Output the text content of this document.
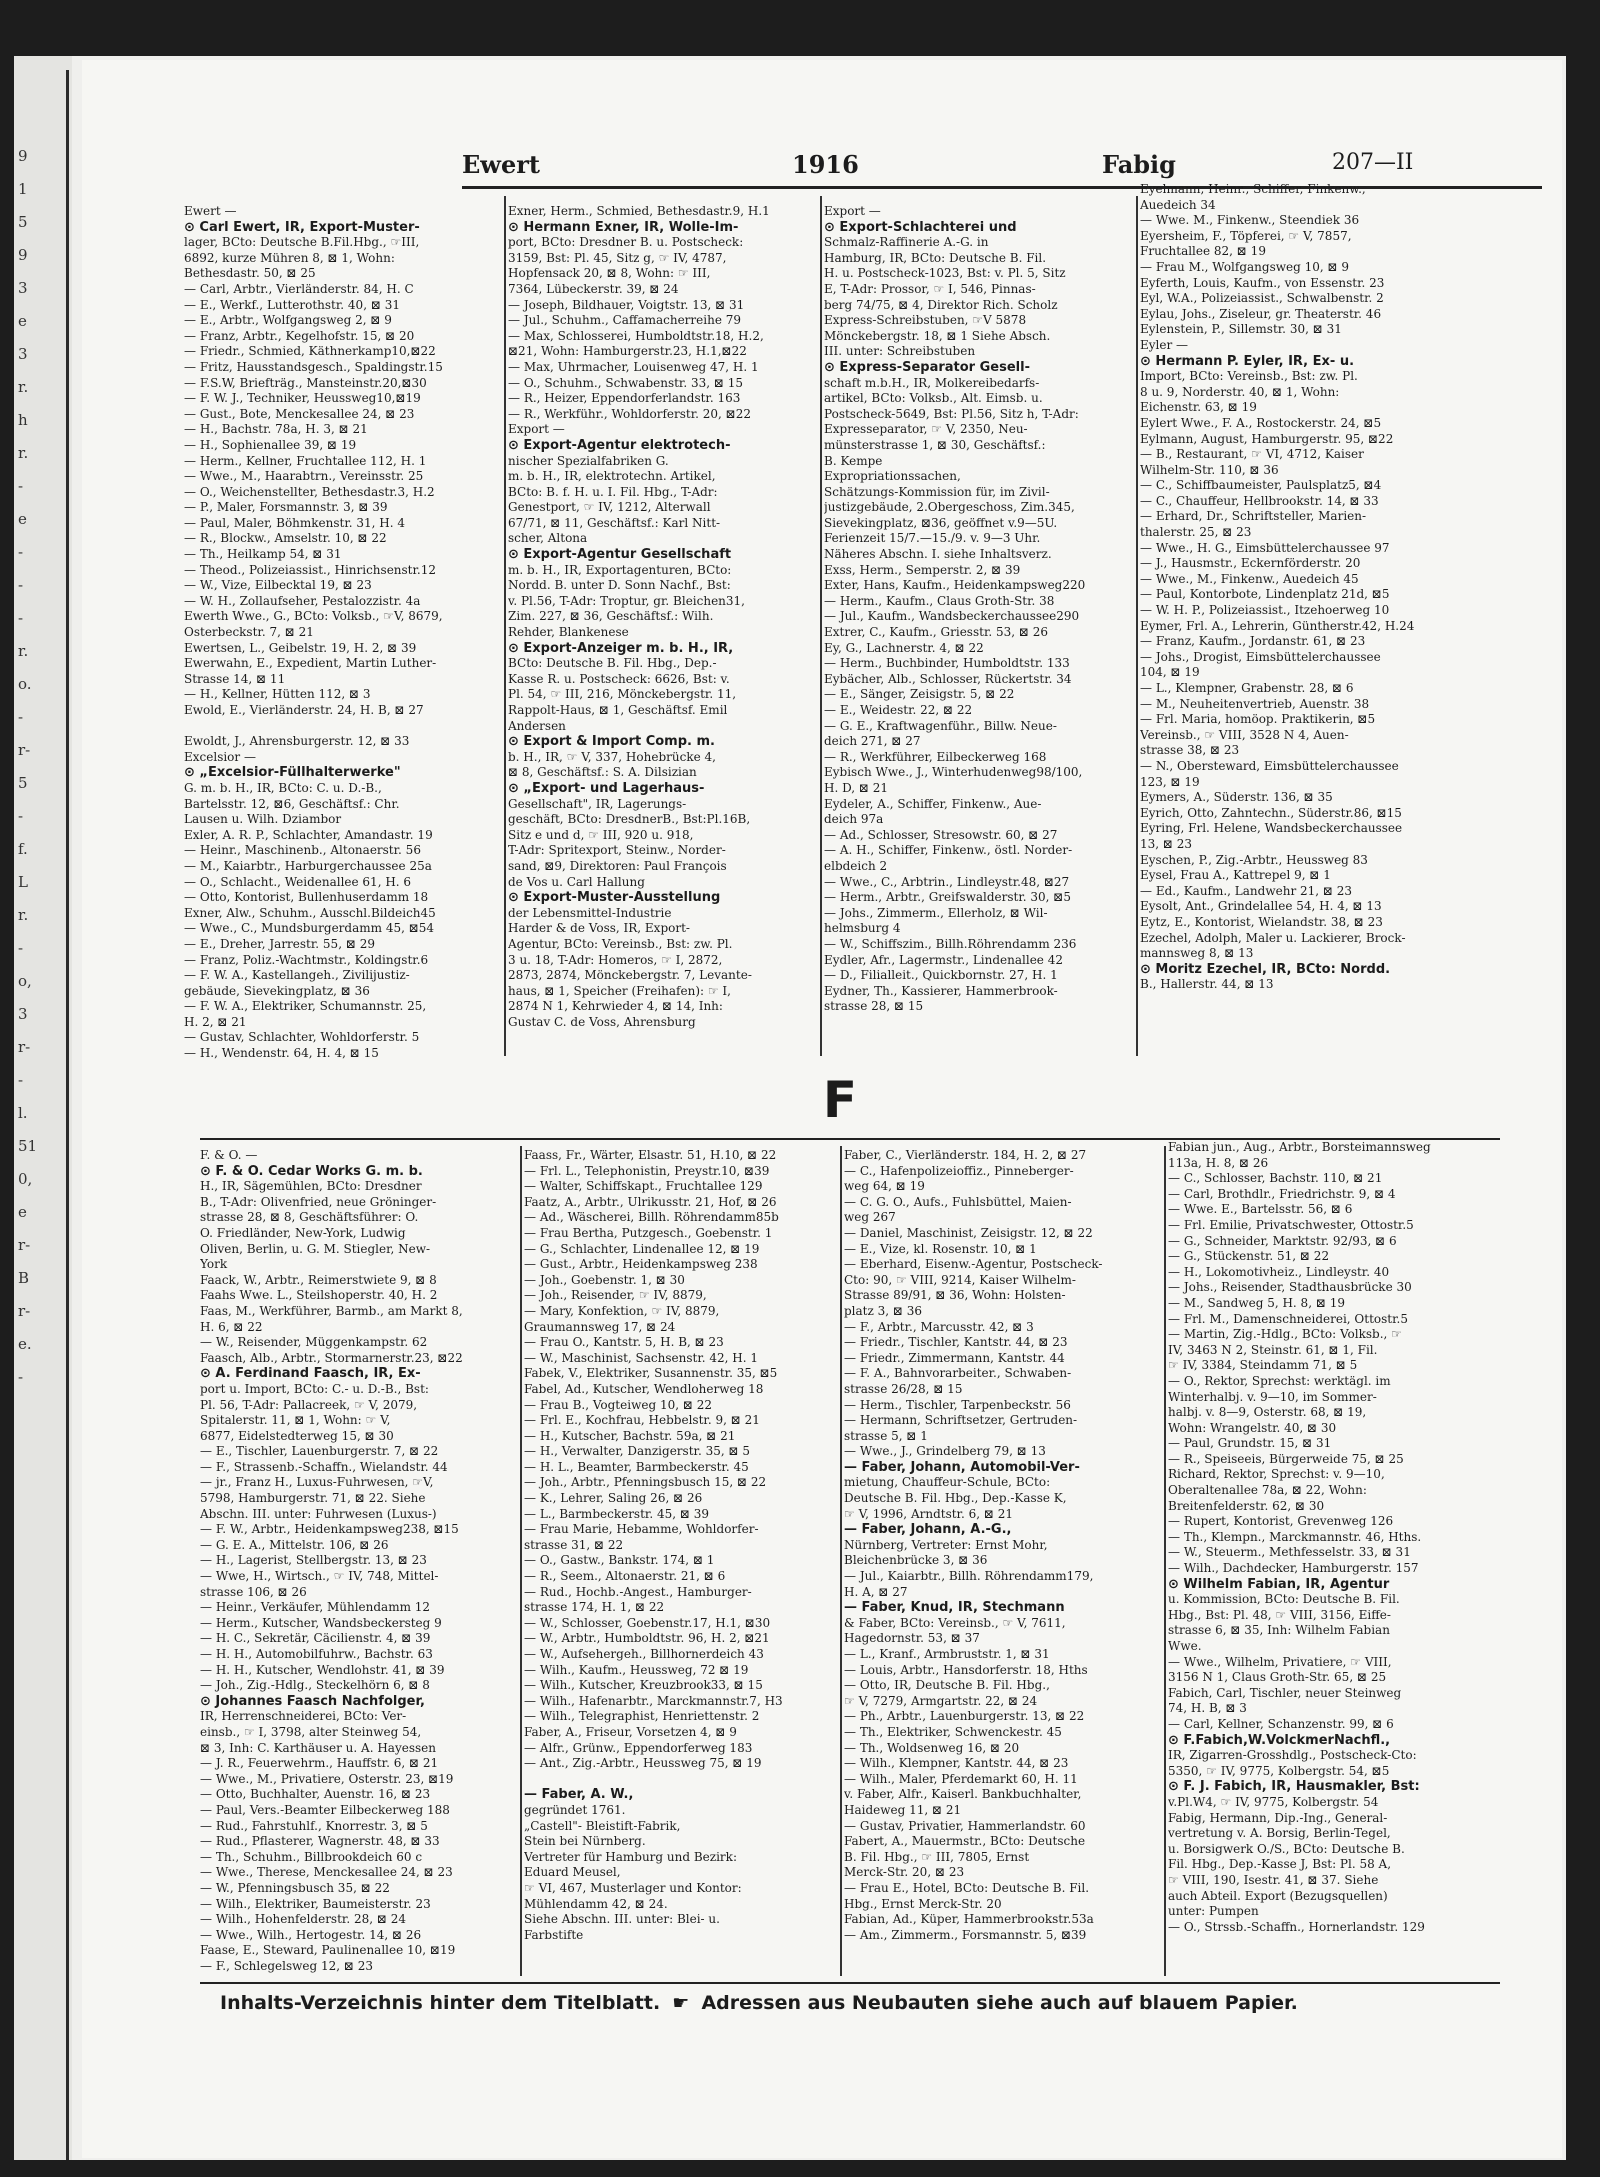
9
1
5
9
3
e
3
r.
h
r.
-
e
-
-
-
r.
o.
-
r-
5
-
f.
L
r.
-
o,
3
r-
-
l.
51
0,
e
r-
B
r-
e.
-
Ewert	1916	Fabig	207—II
Ewert —
⊙ Carl Ewert, IR, Export-Muster-
lager, BCto: Deutsche B.Fil.Hbg., ☞III,
6892, kurze Mühren 8, ⊠ 1, Wohn:
Bethesdastr. 50, ⊠ 25
— Carl, Arbtr., Vierländerstr. 84, H. C
— E., Werkf., Lutterothstr. 40, ⊠ 31
— E., Arbtr., Wolfgangsweg 2, ⊠ 9
— Franz, Arbtr., Kegelhofstr. 15, ⊠ 20
— Friedr., Schmied, Käthnerkamp10,⊠22
— Fritz, Hausstandsgesch., Spaldingstr.15
— F.S.W, Briefträg., Mansteinstr.20,⊠30
— F. W. J., Techniker, Heussweg10,⊠19
— Gust., Bote, Menckesallee 24, ⊠ 23
— H., Bachstr. 78a, H. 3, ⊠ 21
— H., Sophienallee 39, ⊠ 19
— Herm., Kellner, Fruchtallee 112, H. 1
— Wwe., M., Haarabtrn., Vereinsstr. 25
— O., Weichenstellter, Bethesdastr.3, H.2
— P., Maler, Forsmannstr. 3, ⊠ 39
— Paul, Maler, Böhmkenstr. 31, H. 4
— R., Blockw., Amselstr. 10, ⊠ 22
— Th., Heilkamp 54, ⊠ 31
— Theod., Polizeiassist., Hinrichsenstr.12
— W., Vize, Eilbecktal 19, ⊠ 23
— W. H., Zollaufseher, Pestalozzistr. 4a
Ewerth Wwe., G., BCto: Volksb., ☞V, 8679,
Osterbeckstr. 7, ⊠ 21
Ewertsen, L., Geibelstr. 19, H. 2, ⊠ 39
Ewerwahn, E., Expedient, Martin Luther-
Strasse 14, ⊠ 11
— H., Kellner, Hütten 112, ⊠ 3
Ewold, E., Vierländerstr. 24, H. B, ⊠ 27
Ewoldt, J., Ahrensburgerstr. 12, ⊠ 33
Excelsior —
⊙ „Excelsior-Füllhalterwerke"
G. m. b. H., IR, BCto: C. u. D.-B.,
Bartelsstr. 12, ⊠6, Geschäftsf.: Chr.
Lausen u. Wilh. Dziambor
Exler, A. R. P., Schlachter, Amandastr. 19
— Heinr., Maschinenb., Altonaerstr. 56
— M., Kaiarbtr., Harburgerchaussee 25a
— O., Schlacht., Weidenallee 61, H. 6
— Otto, Kontorist, Bullenhuserdamm 18
Exner, Alw., Schuhm., Ausschl.Bildeich45
— Wwe., C., Mundsburgerdamm 45, ⊠54
— E., Dreher, Jarrestr. 55, ⊠ 29
— Franz, Poliz.-Wachtmstr., Koldingstr.6
— F. W. A., Kastellangeh., Zivilijustiz-
gebäude, Sievekingplatz, ⊠ 36
— F. W. A., Elektriker, Schumannstr. 25,
H. 2, ⊠ 21
— Gustav, Schlachter, Wohldorferstr. 5
— H., Wendenstr. 64, H. 4, ⊠ 15
Exner, Herm., Schmied, Bethesdastr.9, H.1
⊙ Hermann Exner, IR, Wolle-Im-
port, BCto: Dresdner B. u. Postscheck:
3159, Bst: Pl. 45, Sitz g, ☞ IV, 4787,
Hopfensack 20, ⊠ 8, Wohn: ☞ III,
7364, Lübeckerstr. 39, ⊠ 24
— Joseph, Bildhauer, Voigtstr. 13, ⊠ 31
— Jul., Schuhm., Caffamacherreihe 79
— Max, Schlosserei, Humboldtstr.18, H.2,
⊠21, Wohn: Hamburgerstr.23, H.1,⊠22
— Max, Uhrmacher, Louisenweg 47, H. 1
— O., Schuhm., Schwabenstr. 33, ⊠ 15
— R., Heizer, Eppendorferlandstr. 163
— R., Werkführ., Wohldorferstr. 20, ⊠22
Export —
⊙ Export-Agentur elektrotech-
nischer Spezialfabriken G.
m. b. H., IR, elektrotechn. Artikel,
BCto: B. f. H. u. I. Fil. Hbg., T-Adr:
Genestport, ☞ IV, 1212, Alterwall
67/71, ⊠ 11, Geschäftsf.: Karl Nitt-
scher, Altona
⊙ Export-Agentur Gesellschaft
m. b. H., IR, Exportagenturen, BCto:
Nordd. B. unter D. Sonn Nachf., Bst:
v. Pl.56, T-Adr: Troptur, gr. Bleichen31,
Zim. 227, ⊠ 36, Geschäftsf.: Wilh.
Rehder, Blankenese
⊙ Export-Anzeiger m. b. H., IR,
BCto: Deutsche B. Fil. Hbg., Dep.-
Kasse R. u. Postscheck: 6626, Bst: v.
Pl. 54, ☞ III, 216, Mönckebergstr. 11,
Rappolt-Haus, ⊠ 1, Geschäftsf. Emil
Andersen
⊙ Export & Import Comp. m.
b. H., IR, ☞ V, 337, Hohebrücke 4,
⊠ 8, Geschäftsf.: S. A. Dilsizian
⊙ „Export- und Lagerhaus-
Gesellschaft", IR, Lagerungs-
geschäft, BCto: DresdnerB., Bst:Pl.16B,
Sitz e und d, ☞ III, 920 u. 918,
T-Adr: Spritexport, Steinw., Norder-
sand, ⊠9, Direktoren: Paul François
de Vos u. Carl Hallung
⊙ Export-Muster-Ausstellung
der Lebensmittel-Industrie
Harder & de Voss, IR, Export-
Agentur, BCto: Vereinsb., Bst: zw. Pl.
3 u. 18, T-Adr: Homeros, ☞ I, 2872,
2873, 2874, Mönckebergstr. 7, Levante-
haus, ⊠ 1, Speicher (Freihafen): ☞ I,
2874 N 1, Kehrwieder 4, ⊠ 14, Inh:
Gustav C. de Voss, Ahrensburg
Export —
⊙ Export-Schlachterei und
Schmalz-Raffinerie A.-G. in
Hamburg, IR, BCto: Deutsche B. Fil.
H. u. Postscheck-1023, Bst: v. Pl. 5, Sitz
E, T-Adr: Prossor, ☞ I, 546, Pinnas-
berg 74/75, ⊠ 4, Direktor Rich. Scholz
Express-Schreibstuben, ☞V 5878
Mönckebergstr. 18, ⊠ 1 Siehe Absch.
III. unter: Schreibstuben
⊙ Express-Separator Gesell-
schaft m.b.H., IR, Molkereibedarfs-
artikel, BCto: Volksb., Alt. Eimsb. u.
Postscheck-5649, Bst: Pl.56, Sitz h, T-Adr:
Expresseparator, ☞ V, 2350, Neu-
münsterstrasse 1, ⊠ 30, Geschäftsf.:
B. Kempe
Expropriationssachen,
Schätzungs-Kommission für, im Zivil-
justizgebäude, 2.Obergeschoss, Zim.345,
Sievekingplatz, ⊠36, geöffnet v.9—5U.
Ferienzeit 15/7.—15./9. v. 9—3 Uhr.
Näheres Abschn. I. siehe Inhaltsverz.
Exss, Herm., Semperstr. 2, ⊠ 39
Exter, Hans, Kaufm., Heidenkampsweg220
— Herm., Kaufm., Claus Groth-Str. 38
— Jul., Kaufm., Wandsbeckerchaussee290
Extrer, C., Kaufm., Griesstr. 53, ⊠ 26
Ey, G., Lachnerstr. 4, ⊠ 22
— Herm., Buchbinder, Humboldtstr. 133
Eybächer, Alb., Schlosser, Rückertstr. 34
— E., Sänger, Zeisigstr. 5, ⊠ 22
— E., Weidestr. 22, ⊠ 22
— G. E., Kraftwagenführ., Billw. Neue-
deich 271, ⊠ 27
— R., Werkführer, Eilbeckerweg 168
Eybisch Wwe., J., Winterhudenweg98/100,
H. D, ⊠ 21
Eydeler, A., Schiffer, Finkenw., Aue-
deich 97a
— Ad., Schlosser, Stresowstr. 60, ⊠ 27
— A. H., Schiffer, Finkenw., östl. Norder-
elbdeich 2
— Wwe., C., Arbtrin., Lindleystr.48, ⊠27
— Herm., Arbtr., Greifswalderstr. 30, ⊠5
— Johs., Zimmerm., Ellerholz, ⊠ Wil-
helmsburg 4
— W., Schiffszim., Billh.Röhrendamm 236
Eydler, Afr., Lagermstr., Lindenallee 42
— D., Filialleit., Quickbornstr. 27, H. 1
Eydner, Th., Kassierer, Hammerbrook-
strasse 28, ⊠ 15
Eyelmann, Heinr., Schiffer, Finkenw.,
Auedeich 34
— Wwe. M., Finkenw., Steendiek 36
Eyersheim, F., Töpferei, ☞ V, 7857,
Fruchtallee 82, ⊠ 19
— Frau M., Wolfgangsweg 10, ⊠ 9
Eyferth, Louis, Kaufm., von Essenstr. 23
Eyl, W.A., Polizeiassist., Schwalbenstr. 2
Eylau, Johs., Ziseleur, gr. Theaterstr. 46
Eylenstein, P., Sillemstr. 30, ⊠ 31
Eyler —
⊙ Hermann P. Eyler, IR, Ex- u.
Import, BCto: Vereinsb., Bst: zw. Pl.
8 u. 9, Norderstr. 40, ⊠ 1, Wohn:
Eichenstr. 63, ⊠ 19
Eylert Wwe., F. A., Rostockerstr. 24, ⊠5
Eylmann, August, Hamburgerstr. 95, ⊠22
— B., Restaurant, ☞ VI, 4712, Kaiser
Wilhelm-Str. 110, ⊠ 36
— C., Schiffbaumeister, Paulsplatz5, ⊠4
— C., Chauffeur, Hellbrookstr. 14, ⊠ 33
— Erhard, Dr., Schriftsteller, Marien-
thalerstr. 25, ⊠ 23
— Wwe., H. G., Eimsbüttelerchaussee 97
— J., Hausmstr., Eckernförderstr. 20
— Wwe., M., Finkenw., Auedeich 45
— Paul, Kontorbote, Lindenplatz 21d, ⊠5
— W. H. P., Polizeiassist., Itzehoerweg 10
Eymer, Frl. A., Lehrerin, Güntherstr.42, H.24
— Franz, Kaufm., Jordanstr. 61, ⊠ 23
— Johs., Drogist, Eimsbüttelerchaussee
104, ⊠ 19
— L., Klempner, Grabenstr. 28, ⊠ 6
— M., Neuheitenvertrieb, Auenstr. 38
— Frl. Maria, homöop. Praktikerin, ⊠5
Vereinsb., ☞ VIII, 3528 N 4, Auen-
strasse 38, ⊠ 23
— N., Obersteward, Eimsbüttelerchaussee
123, ⊠ 19
Eymers, A., Süderstr. 136, ⊠ 35
Eyrich, Otto, Zahntechn., Süderstr.86, ⊠15
Eyring, Frl. Helene, Wandsbeckerchaussee
13, ⊠ 23
Eyschen, P., Zig.-Arbtr., Heussweg 83
Eysel, Frau A., Kattrepel 9, ⊠ 1
— Ed., Kaufm., Landwehr 21, ⊠ 23
Eysolt, Ant., Grindelallee 54, H. 4, ⊠ 13
Eytz, E., Kontorist, Wielandstr. 38, ⊠ 23
Ezechel, Adolph, Maler u. Lackierer, Brock-
mannsweg 8, ⊠ 13
⊙ Moritz Ezechel, IR, BCto: Nordd.
B., Hallerstr. 44, ⊠ 13
F
F. & O. —
⊙ F. & O. Cedar Works G. m. b.
H., IR, Sägemühlen, BCto: Dresdner
B., T-Adr: Olivenfried, neue Gröninger-
strasse 28, ⊠ 8, Geschäftsführer: O.
O. Friedländer, New-York, Ludwig
Oliven, Berlin, u. G. M. Stiegler, New-
York
Faack, W., Arbtr., Reimerstwiete 9, ⊠ 8
Faahs Wwe. L., Steilshoperstr. 40, H. 2
Faas, M., Werkführer, Barmb., am Markt 8,
H. 6, ⊠ 22
— W., Reisender, Müggenkampstr. 62
Faasch, Alb., Arbtr., Stormarnerstr.23, ⊠22
⊙ A. Ferdinand Faasch, IR, Ex-
port u. Import, BCto: C.- u. D.-B., Bst:
Pl. 56, T-Adr: Pallacreek, ☞ V, 2079,
Spitalerstr. 11, ⊠ 1, Wohn: ☞ V,
6877, Eidelstedterweg 15, ⊠ 30
— E., Tischler, Lauenburgerstr. 7, ⊠ 22
— F., Strassenb.-Schaffn., Wielandstr. 44
— jr., Franz H., Luxus-Fuhrwesen, ☞V,
5798, Hamburgerstr. 71, ⊠ 22. Siehe
Abschn. III. unter: Fuhrwesen (Luxus-)
— F. W., Arbtr., Heidenkampsweg238, ⊠15
— G. E. A., Mittelstr. 106, ⊠ 26
— H., Lagerist, Stellbergstr. 13, ⊠ 23
— Wwe, H., Wirtsch., ☞ IV, 748, Mittel-
strasse 106, ⊠ 26
— Heinr., Verkäufer, Mühlendamm 12
— Herm., Kutscher, Wandsbeckersteg 9
— H. C., Sekretär, Cäcilienstr. 4, ⊠ 39
— H. H., Automobilfuhrw., Bachstr. 63
— H. H., Kutscher, Wendlohstr. 41, ⊠ 39
— Joh., Zig.-Hdlg., Steckelhörn 6, ⊠ 8
⊙ Johannes Faasch Nachfolger,
IR, Herrenschneiderei, BCto: Ver-
einsb., ☞ I, 3798, alter Steinweg 54,
⊠ 3, Inh: C. Karthäuser u. A. Hayessen
— J. R., Feuerwehrm., Hauffstr. 6, ⊠ 21
— Wwe., M., Privatiere, Osterstr. 23, ⊠19
— Otto, Buchhalter, Auenstr. 16, ⊠ 23
— Paul, Vers.-Beamter Eilbeckerweg 188
— Rud., Fahrstuhlf., Knorrestr. 3, ⊠ 5
— Rud., Pflasterer, Wagnerstr. 48, ⊠ 33
— Th., Schuhm., Billbrookdeich 60 c
— Wwe., Therese, Menckesallee 24, ⊠ 23
— W., Pfenningsbusch 35, ⊠ 22
— Wilh., Elektriker, Baumeisterstr. 23
— Wilh., Hohenfelderstr. 28, ⊠ 24
— Wwe., Wilh., Hertogestr. 14, ⊠ 26
Faase, E., Steward, Paulinenallee 10, ⊠19
— F., Schlegelsweg 12, ⊠ 23
Faass, Fr., Wärter, Elsastr. 51, H.10, ⊠ 22
— Frl. L., Telephonistin, Preystr.10, ⊠39
— Walter, Schiffskapt., Fruchtallee 129
Faatz, A., Arbtr., Ulrikusstr. 21, Hof, ⊠ 26
— Ad., Wäscherei, Billh. Röhrendamm85b
— Frau Bertha, Putzgesch., Goebenstr. 1
— G., Schlachter, Lindenallee 12, ⊠ 19
— Gust., Arbtr., Heidenkampsweg 238
— Joh., Goebenstr. 1, ⊠ 30
— Joh., Reisender, ☞ IV, 8879,
— Mary, Konfektion, ☞ IV, 8879,
Graumannsweg 17, ⊠ 24
— Frau O., Kantstr. 5, H. B, ⊠ 23
— W., Maschinist, Sachsenstr. 42, H. 1
Fabek, V., Elektriker, Susannenstr. 35, ⊠5
Fabel, Ad., Kutscher, Wendloherweg 18
— Frau B., Vogteiweg 10, ⊠ 22
— Frl. E., Kochfrau, Hebbelstr. 9, ⊠ 21
— H., Kutscher, Bachstr. 59a, ⊠ 21
— H., Verwalter, Danzigerstr. 35, ⊠ 5
— H. L., Beamter, Barmbeckerstr. 45
— Joh., Arbtr., Pfenningsbusch 15, ⊠ 22
— K., Lehrer, Saling 26, ⊠ 26
— L., Barmbeckerstr. 45, ⊠ 39
— Frau Marie, Hebamme, Wohldorfer-
strasse 31, ⊠ 22
— O., Gastw., Bankstr. 174, ⊠ 1
— R., Seem., Altonaerstr. 21, ⊠ 6
— Rud., Hochb.-Angest., Hamburger-
strasse 174, H. 1, ⊠ 22
— W., Schlosser, Goebenstr.17, H.1, ⊠30
— W., Arbtr., Humboldtstr. 96, H. 2, ⊠21
— W., Aufsehergeh., Billhornerdeich 43
— Wilh., Kaufm., Heussweg, 72 ⊠ 19
— Wilh., Kutscher, Kreuzbrook33, ⊠ 15
— Wilh., Hafenarbtr., Marckmannstr.7, H3
— Wilh., Telegraphist, Henriettenstr. 2
Faber, A., Friseur, Vorsetzen 4, ⊠ 9
— Alfr., Grünw., Eppendorferweg 183
— Ant., Zig.-Arbtr., Heussweg 75, ⊠ 19
— Faber, A. W.,
gegründet 1761.
„Castell"- Bleistift-Fabrik,
Stein bei Nürnberg.
Vertreter für Hamburg und Bezirk:
Eduard Meusel,
☞ VI, 467, Musterlager und Kontor:
Mühlendamm 42, ⊠ 24.
Siehe Abschn. III. unter: Blei- u.
Farbstifte
Faber, C., Vierländerstr. 184, H. 2, ⊠ 27
— C., Hafenpolizeioffiz., Pinneberger-
weg 64, ⊠ 19
— C. G. O., Aufs., Fuhlsbüttel, Maien-
weg 267
— Daniel, Maschinist, Zeisigstr. 12, ⊠ 22
— E., Vize, kl. Rosenstr. 10, ⊠ 1
— Eberhard, Eisenw.-Agentur, Postscheck-
Cto: 90, ☞ VIII, 9214, Kaiser Wilhelm-
Strasse 89/91, ⊠ 36, Wohn: Holsten-
platz 3, ⊠ 36
— F., Arbtr., Marcusstr. 42, ⊠ 3
— Friedr., Tischler, Kantstr. 44, ⊠ 23
— Friedr., Zimmermann, Kantstr. 44
— F. A., Bahnvorarbeiter., Schwaben-
strasse 26/28, ⊠ 15
— Herm., Tischler, Tarpenbeckstr. 56
— Hermann, Schriftsetzer, Gertruden-
strasse 5, ⊠ 1
— Wwe., J., Grindelberg 79, ⊠ 13
— Faber, Johann, Automobil-Ver-
mietung, Chauffeur-Schule, BCto:
Deutsche B. Fil. Hbg., Dep.-Kasse K,
☞ V, 1996, Arndtstr. 6, ⊠ 21
— Faber, Johann, A.-G.,
Nürnberg, Vertreter: Ernst Mohr,
Bleichenbrücke 3, ⊠ 36
— Jul., Kaiarbtr., Billh. Röhrendamm179,
H. A, ⊠ 27
— Faber, Knud, IR, Stechmann
& Faber, BCto: Vereinsb., ☞ V, 7611,
Hagedornstr. 53, ⊠ 37
— L., Kranf., Armbruststr. 1, ⊠ 31
— Louis, Arbtr., Hansdorferstr. 18, Hths
— Otto, IR, Deutsche B. Fil. Hbg.,
☞ V, 7279, Armgartstr. 22, ⊠ 24
— Ph., Arbtr., Lauenburgerstr. 13, ⊠ 22
— Th., Elektriker, Schwenckestr. 45
— Th., Woldsenweg 16, ⊠ 20
— Wilh., Klempner, Kantstr. 44, ⊠ 23
— Wilh., Maler, Pferdemarkt 60, H. 11
v. Faber, Alfr., Kaiserl. Bankbuchhalter,
Haideweg 11, ⊠ 21
— Gustav, Privatier, Hammerlandstr. 60
Fabert, A., Mauermstr., BCto: Deutsche
B. Fil. Hbg., ☞ III, 7805, Ernst
Merck-Str. 20, ⊠ 23
— Frau E., Hotel, BCto: Deutsche B. Fil.
Hbg., Ernst Merck-Str. 20
Fabian, Ad., Küper, Hammerbrookstr.53a
— Am., Zimmerm., Forsmannstr. 5, ⊠39
Fabian jun., Aug., Arbtr., Borsteimannsweg
113a, H. 8, ⊠ 26
— C., Schlosser, Bachstr. 110, ⊠ 21
— Carl, Brothdlr., Friedrichstr. 9, ⊠ 4
— Wwe. E., Bartelsstr. 56, ⊠ 6
— Frl. Emilie, Privatschwester, Ottostr.5
— G., Schneider, Marktstr. 92/93, ⊠ 6
— G., Stückenstr. 51, ⊠ 22
— H., Lokomotivheiz., Lindleystr. 40
— Johs., Reisender, Stadthausbrücke 30
— M., Sandweg 5, H. 8, ⊠ 19
— Frl. M., Damenschneiderei, Ottostr.5
— Martin, Zig.-Hdlg., BCto: Volksb., ☞
IV, 3463 N 2, Steinstr. 61, ⊠ 1, Fil.
☞ IV, 3384, Steindamm 71, ⊠ 5
— O., Rektor, Sprechst: werktägl. im
Winterhalbj. v. 9—10, im Sommer-
halbj. v. 8—9, Osterstr. 68, ⊠ 19,
Wohn: Wrangelstr. 40, ⊠ 30
— Paul, Grundstr. 15, ⊠ 31
— R., Speiseeis, Bürgerweide 75, ⊠ 25
Richard, Rektor, Sprechst: v. 9—10,
Oberaltenallee 78a, ⊠ 22, Wohn:
Breitenfelderstr. 62, ⊠ 30
— Rupert, Kontorist, Grevenweg 126
— Th., Klempn., Marckmannstr. 46, Hths.
— W., Steuerm., Methfesselstr. 33, ⊠ 31
— Wilh., Dachdecker, Hamburgerstr. 157
⊙ Wilhelm Fabian, IR, Agentur
u. Kommission, BCto: Deutsche B. Fil.
Hbg., Bst: Pl. 48, ☞ VIII, 3156, Eiffe-
strasse 6, ⊠ 35, Inh: Wilhelm Fabian
Wwe.
— Wwe., Wilhelm, Privatiere, ☞ VIII,
3156 N 1, Claus Groth-Str. 65, ⊠ 25
Fabich, Carl, Tischler, neuer Steinweg
74, H. B, ⊠ 3
— Carl, Kellner, Schanzenstr. 99, ⊠ 6
⊙ F.Fabich,W.VolckmerNachfl.,
IR, Zigarren-Grosshdlg., Postscheck-Cto:
5350, ☞ IV, 9775, Kolbergstr. 54, ⊠5
⊙ F. J. Fabich, IR, Hausmakler, Bst:
v.Pl.W4, ☞ IV, 9775, Kolbergstr. 54
Fabig, Hermann, Dip.-Ing., General-
vertretung v. A. Borsig, Berlin-Tegel,
u. Borsigwerk O./S., BCto: Deutsche B.
Fil. Hbg., Dep.-Kasse J, Bst: Pl. 58 A,
☞ VIII, 190, Isestr. 41, ⊠ 37. Siehe
auch Abteil. Export (Bezugsquellen)
unter: Pumpen
— O., Strssb.-Schaffn., Hornerlandstr. 129
Inhalts-Verzeichnis hinter dem Titelblatt. ☛ Adressen aus Neubauten siehe auch auf blauem Papier.
